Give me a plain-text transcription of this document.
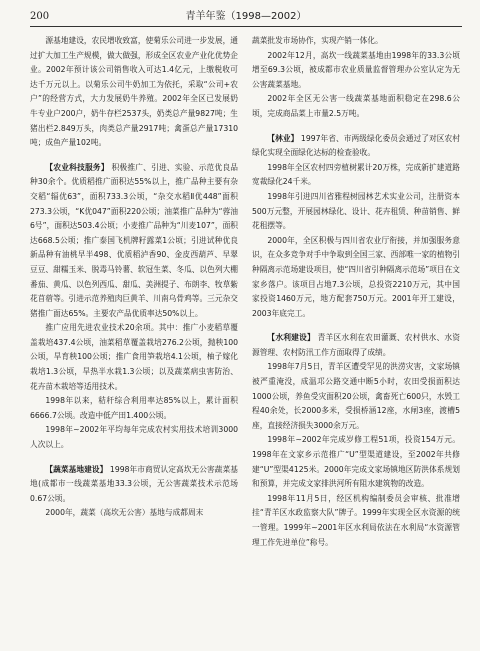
200	青羊年鉴（1998—2002）

源基地建设，农民增收致富，使菊乐公司进一步发展，通过扩大加工生产规模，做大做强，形成全区农业产业化优势企业。2002年预计该公司销售收入可达1.4亿元，上缴税收可达千万元以上。以菊乐公司牛奶加工为依托，采取“公司+农户”的经营方式，大力发展奶牛养殖。2002年全区已发展奶牛专业户200户，奶牛存栏2537头，奶类总产量9827吨；生猪出栏2.849万头，肉类总产量2917吨；禽蛋总产量17310吨；成鱼产量102吨。

【农业科技服务】 积极推广、引进、实验、示范优良品种30余个。优质稻推广面积达55%以上，推广品种主要有杂交稻“辐优63”，面积733.3公顷，“杂交水稻Ⅱ优448”面积273.3公顷，“K优047”面积220公顷；油菜推广品种为“蓉油6号”，面积达503.4公顷；小麦推广品种为“川麦107”，面积达668.5公顷；推广泰国飞机牌籽露菜1公顷；引进试种优良新品种有油桃早半498、优质稻泸香90、金皮西葫芦、早翠豆豆、甜糯玉米、脱毒马铃薯、软冠生菜、冬瓜、以色列大棚番茄、黄瓜、以色列西瓜、甜瓜、美洲提子、布朗李、牧草紫花苜蓿等。引进示范养殖肉巨黄羊、川南乌骨鸡等。三元杂交猪推广面达65%。主要农产品优质率达50%以上。

推广应用先进农业技术20余项。其中：推广小麦稻草覆盖栽培437.4公顷，油菜稻草覆盖栽培276.2公顷，抛秧100公顷，旱育秧100公顷；推广食用笋栽培4.1公顷，柚子嫁化栽培1.3公顷，旱热半水栽1.3公顷；以及蔬菜病虫害防治、花卉苗木栽培等适用技术。

1998年以来，秸秆综合利用率达85%以上，累计面积6666.7公顷。改造中低产田1.400公顷。

1998年~2002年平均每年完成农村实用技术培训3000人次以上。

【蔬菜基地建设】 1998年市商贸认定高坎无公害蔬菜基地(成都市一线蔬菜基地33.3公顷，无公害蔬菜技术示范场0.67公顷。

2000年，蔬菜（高坎无公害）基地与成都周末

蔬菜批发市场协作，实现产销一体化。

2002年12月，高坎一线蔬菜基地由1998年的33.3公顷增至69.3公顷，被成都市农业质量监督管理办公室认定为无公害蔬菜基地。

2002年全区无公害一线蔬菜基地面积稳定在298.6公顷，完成商品菜上市量2.5万吨。

【林业】 1997年省、市两级绿化委员会通过了对区农村绿化实现全面绿化达标的检查验收。

1998年全区农村四旁植树累计20万株，完成新扩建道路宽裁绿化24千米。

1998年引进四川省雅程树园林艺术实业公司，注册资本500万元整，开展园林绿化、设计、花卉租赁、种苗销售、鲜花租摆等。

2000年，全区积极与四川省农业厅衔接，并加强服务意识，在众多竞争对手中争取到全国三家、西部唯一家的植物引种隔离示范场建设项目，使“四川省引种隔离示范场”项目在文家乡落户。该项目占地7.3公顷，总投资2210万元，其中国家投资1460万元，地方配套750万元。2001年开工建设，2003年底完工。

【水利建设】 青羊区水利在农田灌溉、农村供水、水资源管理、农村防汛工作方面取得了成绩。

1998年7月5日，青羊区遭受罕见的洪涝灾害，文家场镇被严重淹没，成温邛公路交通中断5小时，农田受损面积达1000公顷，养鱼受灾面积20公顷，禽畜死亡600只，水毁工程40余处，长2000多米，受损桥涵12座，水闸3座，渡槽5座，直接经济损失3000余万元。

1998年~2002年完成岁修工程51项，投资154万元。1998年在文家乡示范推广“U”型渠道建设，至2002年共修建“U”型渠4125米。2000年完成文家场镇地区防洪体系规划和预算，并完成文家排洪河所有阻水建筑物的改造。

1998年11月5日，经区机构编制委员会审核、批准增挂“青羊区水政监察大队”牌子。1999年实现全区水资源的统一管理。1999年~2001年区水利局依法在水利局“水资源管理工作先进单位”称号。
